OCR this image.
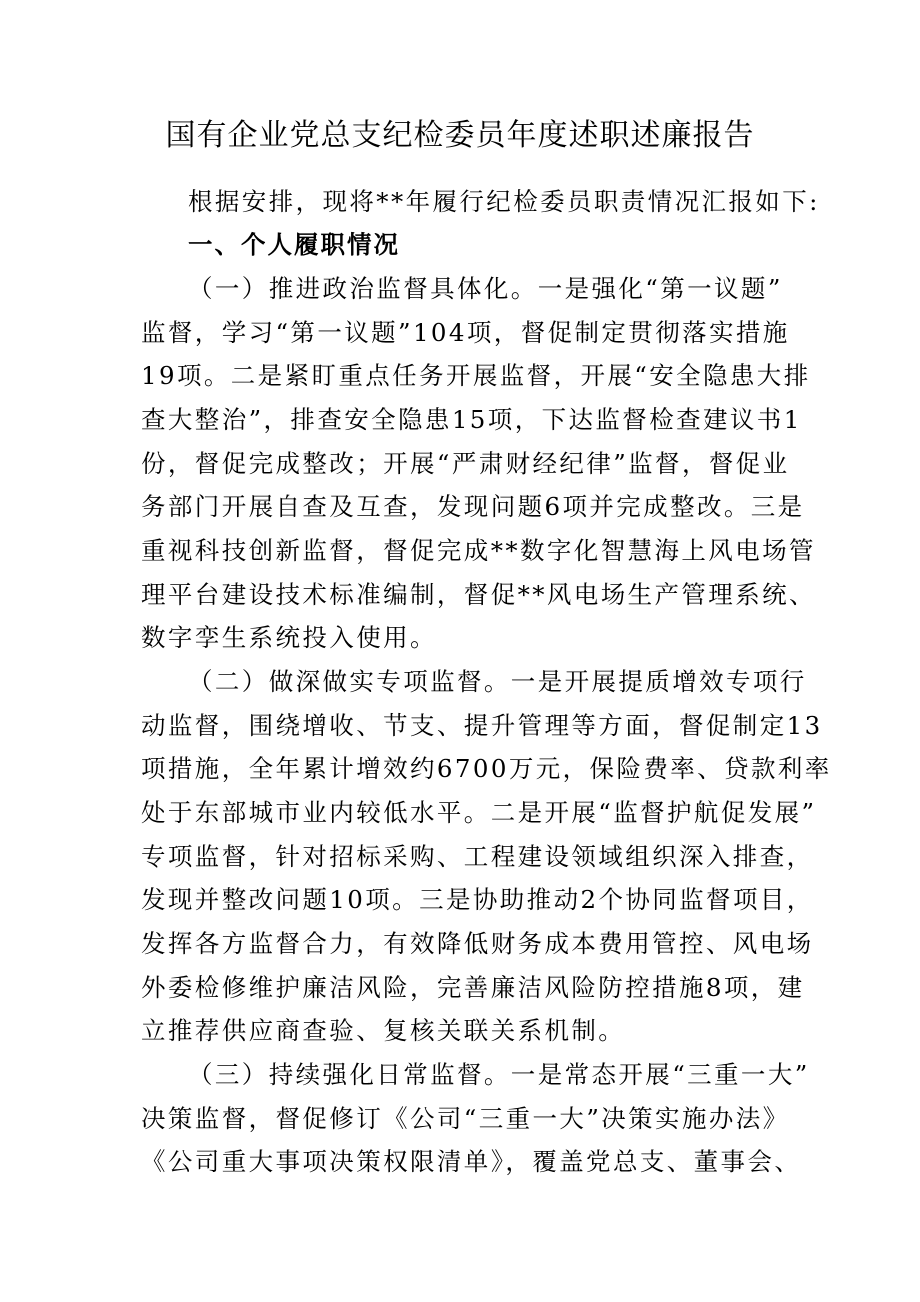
国有企业党总支纪检委员年度述职述廉报告
根据安排，现将**年履行纪检委员职责情况汇报如下:
一、个人履职情况
（一）推进政治监督具体化。一是强化“第一议题”
监督，学习“第一议题”104项，督促制定贯彻落实措施
19项。二是紧盯重点任务开展监督，开展“安全隐患大排
查大整治”，排查安全隐患15项，下达监督检查建议书1
份，督促完成整改；开展“严肃财经纪律”监督，督促业
务部门开展自查及互查，发现问题6项并完成整改。三是
重视科技创新监督，督促完成**数字化智慧海上风电场管
理平台建设技术标准编制，督促**风电场生产管理系统、
数字孪生系统投入使用。
（二）做深做实专项监督。一是开展提质增效专项行
动监督，围绕增收、节支、提升管理等方面，督促制定13
项措施，全年累计增效约6700万元，保险费率、贷款利率
处于东部城市业内较低水平。二是开展“监督护航促发展”
专项监督，针对招标采购、工程建设领域组织深入排查，
发现并整改问题10项。三是协助推动2个协同监督项目，
发挥各方监督合力，有效降低财务成本费用管控、风电场
外委检修维护廉洁风险，完善廉洁风险防控措施8项，建
立推荐供应商查验、复核关联关系机制。
（三）持续强化日常监督。一是常态开展“三重一大”
决策监督，督促修订《公司“三重一大”决策实施办法》
《公司重大事项决策权限清单》，覆盖党总支、董事会、
